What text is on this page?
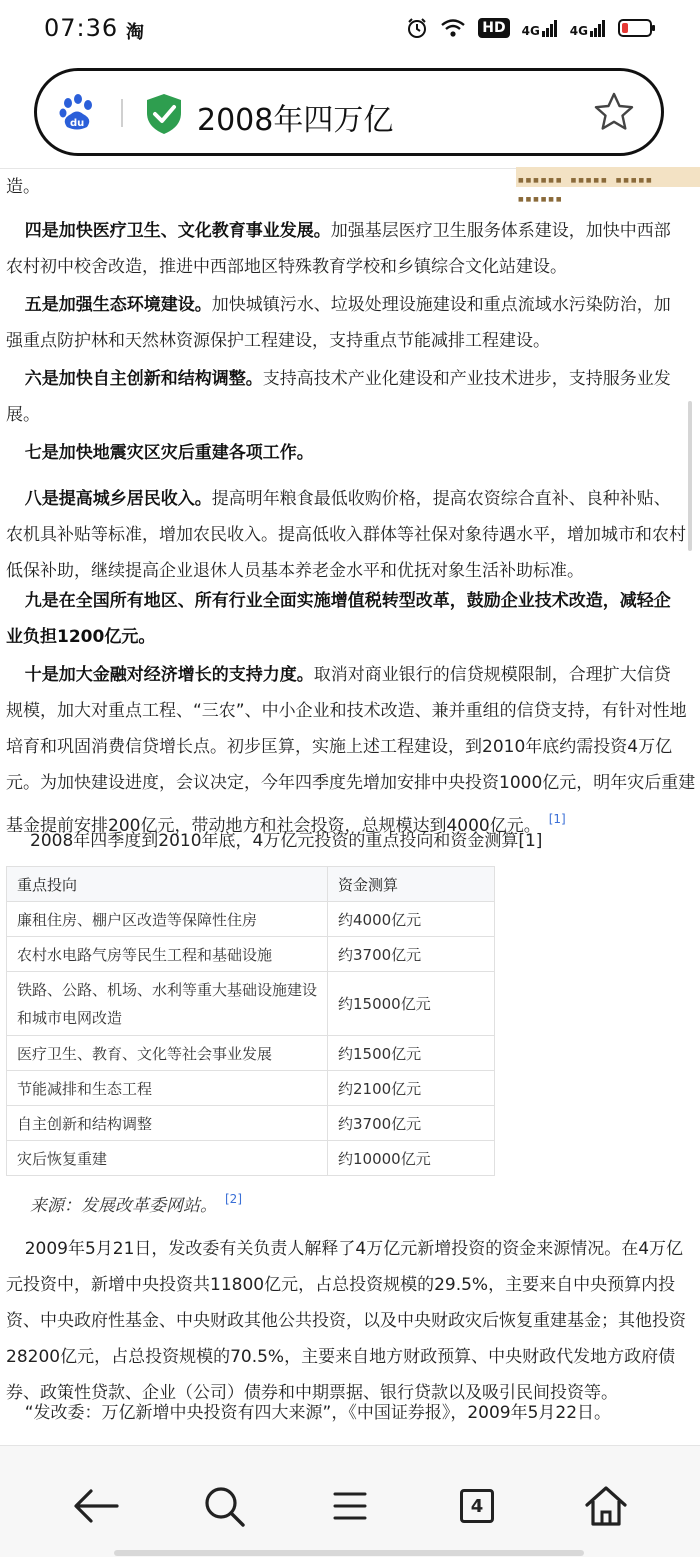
07:36 淘	HD	4G	4G
du	2008年四万亿
■ ■ ■ ■ ■ ■ ■ ■ ■ ■ ■ ■ ■ ■ ■ ■ ■ ■ ■ ■ ■ ■

造。

  四是加快医疗卫生、文化教育事业发展。加强基层医疗卫生服务体系建设，加快中西部
农村初中校舍改造，推进中西部地区特殊教育学校和乡镇综合文化站建设。

  五是加强生态环境建设。加快城镇污水、垃圾处理设施建设和重点流域水污染防治，加
强重点防护林和天然林资源保护工程建设，支持重点节能减排工程建设。

  六是加快自主创新和结构调整。支持高技术产业化建设和产业技术进步，支持服务业发
展。

  七是加快地震灾区灾后重建各项工作。

  八是提高城乡居民收入。提高明年粮食最低收购价格，提高农资综合直补、良种补贴、
农机具补贴等标准，增加农民收入。提高低收入群体等社保对象待遇水平，增加城市和农村
低保补助，继续提高企业退休人员基本养老金水平和优抚对象生活补助标准。

  九是在全国所有地区、所有行业全面实施增值税转型改革，鼓励企业技术改造，减轻企
业负担1200亿元。

  十是加大金融对经济增长的支持力度。取消对商业银行的信贷规模限制，合理扩大信贷
规模，加大对重点工程、“三农”、中小企业和技术改造、兼并重组的信贷支持，有针对性地
培育和巩固消费信贷增长点。初步匡算，实施上述工程建设，到2010年底约需投资4万亿
元。为加快建设进度，会议决定，今年四季度先增加安排中央投资1000亿元，明年灾后重建
基金提前安排200亿元，带动地方和社会投资，总规模达到4000亿元。 [1]

2008年四季度到2010年底，4万亿元投资的重点投向和资金测算[1]
重点投向	资金测算
廉租住房、棚户区改造等保障性住房	约4000亿元
农村水电路气房等民生工程和基础设施	约3700亿元
铁路、公路、机场、水利等重大基础设施建设
和城市电网改造	约15000亿元
医疗卫生、教育、文化等社会事业发展	约1500亿元
节能减排和生态工程	约2100亿元
自主创新和结构调整	约3700亿元
灾后恢复重建	约10000亿元
来源：发展改革委网站。 [2]

  2009年5月21日，发改委有关负责人解释了4万亿元新增投资的资金来源情况。在4万亿
元投资中，新增中央投资共11800亿元，占总投资规模的29.5%，主要来自中央预算内投
资、中央政府性基金、中央财政其他公共投资，以及中央财政灾后恢复重建基金；其他投资
28200亿元，占总投资规模的70.5%，主要来自地方财政预算、中央财政代发地方政府债
券、政策性贷款、企业（公司）债券和中期票据、银行贷款以及吸引民间投资等。

  “发改委：万亿新增中央投资有四大来源”，《中国证券报》，2009年5月22日。

4
